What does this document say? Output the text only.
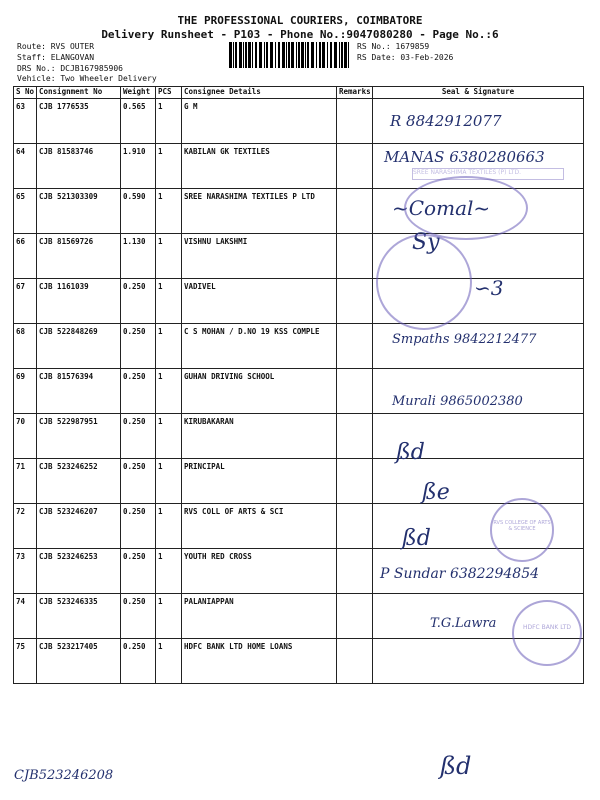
THE PROFESSIONAL COURIERS, COIMBATORE
Delivery Runsheet - P103 - Phone No.:9047080280 - Page No.:6
Route: RVS OUTER
Staff: ELANGOVAN
DRS No.: DCJB167985906
Vehicle: Two Wheeler Delivery
RS No.: 1679859
RS Date: 03-Feb-2026
S No	Consignment No	Weight	PCS	Consignee Details	Remarks	Seal & Signature
63	CJB 1776535	0.565	1	G M		
64	CJB 81583746	1.910	1	KABILAN GK TEXTILES		
65	CJB 521303309	0.590	1	SREE NARASHIMA TEXTILES P LTD		
66	CJB 81569726	1.130	1	VISHNU LAKSHMI		
67	CJB 1161039	0.250	1	VADIVEL		
68	CJB 522848269	0.250	1	C S MOHAN / D.NO 19 KSS COMPLE		
69	CJB 81576394	0.250	1	GUHAN DRIVING SCHOOL		
70	CJB 522987951	0.250	1	KIRUBAKARAN		
71	CJB 523246252	0.250	1	PRINCIPAL		
72	CJB 523246207	0.250	1	RVS COLL OF ARTS & SCI		
73	CJB 523246253	0.250	1	YOUTH RED CROSS		
74	CJB 523246335	0.250	1	PALANIAPPAN		
75	CJB 523217405	0.250	1	HDFC BANK LTD HOME LOANS		
R 8842912077
MANAS 6380280663
SREE NARASHIMA TEXTILES (P) LTD.
~Comal~
Sy
∽3
Smpaths 9842212477
Murali 9865002380
ßd
ße
RVS COLLEGE OF ARTS & SCIENCE
ßd
P Sundar 6382294854
T.G.Lawra	HDFC BANK LTD
CJB523246208	ßd
